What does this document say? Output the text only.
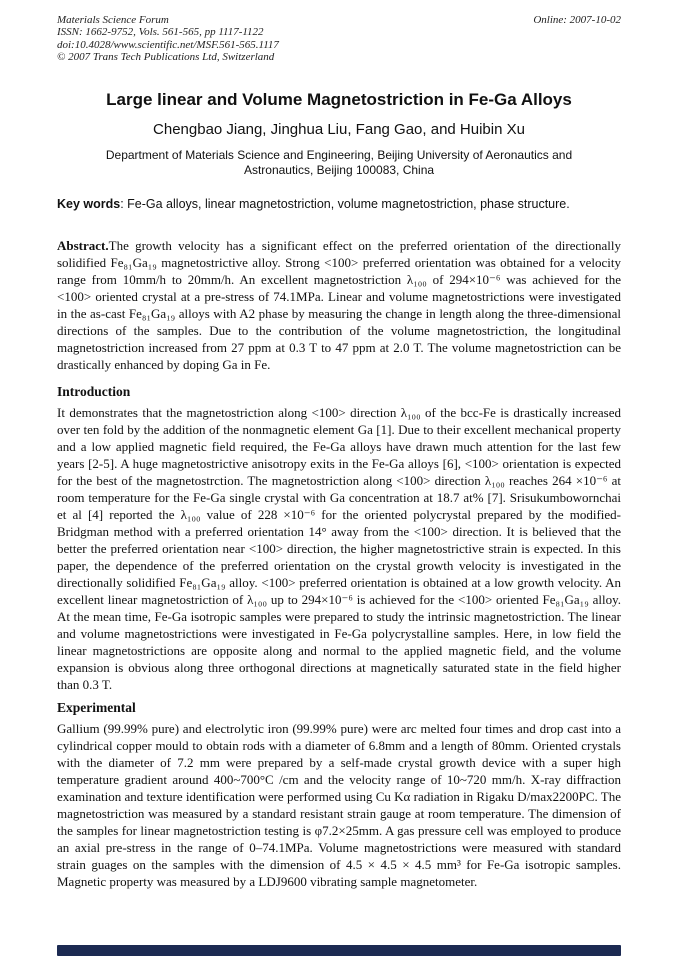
Materials Science Forum
ISSN: 1662-9752, Vols. 561-565, pp 1117-1122
doi:10.4028/www.scientific.net/MSF.561-565.1117
© 2007 Trans Tech Publications Ltd, Switzerland
Online: 2007-10-02
Large linear and Volume Magnetostriction in Fe-Ga Alloys
Chengbao Jiang, Jinghua Liu, Fang Gao, and Huibin Xu
Department of Materials Science and Engineering, Beijing University of Aeronautics and
Astronautics, Beijing 100083, China
Key words: Fe-Ga alloys, linear magnetostriction, volume magnetostriction, phase structure.
Abstract.The growth velocity has a significant effect on the preferred orientation of the directionally solidified Fe₈₁Ga₁₉ magnetostrictive alloy. Strong <100> preferred orientation was obtained for a velocity range from 10mm/h to 20mm/h. An excellent magnetostriction λ₁₀₀ of 294×10⁻⁶ was achieved for the <100> oriented crystal at a pre-stress of 74.1MPa. Linear and volume magnetostrictions were investigated in the as-cast Fe₈₁Ga₁₉ alloys with A2 phase by measuring the change in length along the three-dimensional directions of the samples. Due to the contribution of the volume magnetostriction, the longitudinal magnetostriction increased from 27 ppm at 0.3 T to 47 ppm at 2.0 T. The volume magnetostriction can be drastically enhanced by doping Ga in Fe.
Introduction
It demonstrates that the magnetostriction along <100> direction λ₁₀₀ of the bcc-Fe is drastically increased over ten fold by the addition of the nonmagnetic element Ga [1]. Due to their excellent mechanical property and a low applied magnetic field required, the Fe-Ga alloys have drawn much attention for the last few years [2-5]. A huge magnetostrictive anisotropy exits in the Fe-Ga alloys [6], <100> orientation is expected for the best of the magnetostrction. The magnetostriction along <100> direction λ₁₀₀ reaches 264 ×10⁻⁶ at room temperature for the Fe-Ga single crystal with Ga concentration at 18.7 at% [7]. Srisukumbowornchai et al [4] reported the λ₁₀₀ value of 228 ×10⁻⁶ for the oriented polycrystal prepared by the modified-Bridgman method with a preferred orientation 14° away from the <100> direction. It is believed that the better the preferred orientation near <100> direction, the higher magnetostrictive strain is expected. In this paper, the dependence of the preferred orientation on the crystal growth velocity is investigated in the directionally solidified Fe₈₁Ga₁₉ alloy. <100> preferred orientation is obtained at a low growth velocity. An excellent linear magnetostriction of λ₁₀₀ up to 294×10⁻⁶ is achieved for the <100> oriented Fe₈₁Ga₁₉ alloy. At the mean time, Fe-Ga isotropic samples were prepared to study the intrinsic magnetostriction. The linear and volume magnetostrictions were investigated in Fe-Ga polycrystalline samples. Here, in low field the linear magnetostrictions are opposite along and normal to the applied magnetic field, and the volume expansion is obvious along three orthogonal directions at magnetically saturated state in the field higher than 0.3 T.
Experimental
Gallium (99.99% pure) and electrolytic iron (99.99% pure) were arc melted four times and drop cast into a cylindrical copper mould to obtain rods with a diameter of 6.8mm and a length of 80mm. Oriented crystals with the diameter of 7.2 mm were prepared by a self-made crystal growth device with a super high temperature gradient around 400~700°C /cm and the velocity range of 10~720 mm/h. X-ray diffraction examination and texture identification were performed using Cu Kα radiation in Rigaku D/max2200PC. The magnetostriction was measured by a standard resistant strain gauge at room temperature. The dimension of the samples for linear magnetostriction testing is φ7.2×25mm. A gas pressure cell was employed to produce an axial pre-stress in the range of 0–74.1MPa. Volume magnetostrictions were measured with standard strain guages on the samples with the dimension of 4.5 × 4.5 × 4.5 mm³ for Fe-Ga isotropic samples. Magnetic property was measured by a LDJ9600 vibrating sample magnetometer.
